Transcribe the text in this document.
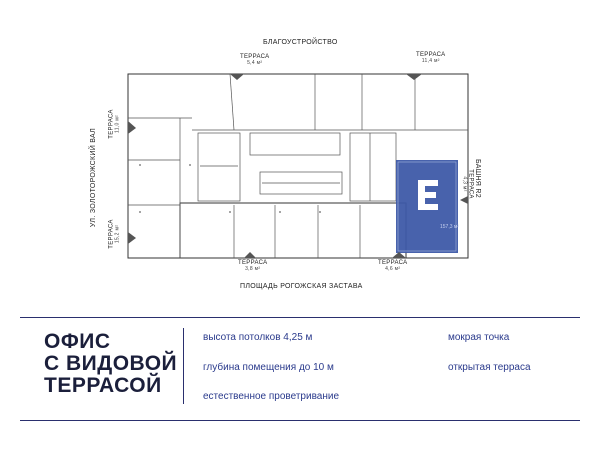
БЛАГОУСТРОЙСТВО
ПЛОЩАДЬ РОГОЖСКАЯ ЗАСТАВА
УЛ. ЗОЛОТОРОЖСКИЙ ВАЛ	БАШНЯ R2
ТЕРРАСА
5,4 м²
ТЕРРАСА
11,4 м²
ТЕРРАСА 11,0 м²
ТЕРРАСА 15,2 м²
ТЕРРАСА
4,3 м²
ТЕРРАСА
3,8 м²
ТЕРРАСА
4,6 м²
157,3 м²
ОФИС
С ВИДОВОЙ
ТЕРРАСОЙ
высота потолков 4,25 м
глубина помещения до 10 м
естественное проветривание
мокрая точка
открытая терраса
